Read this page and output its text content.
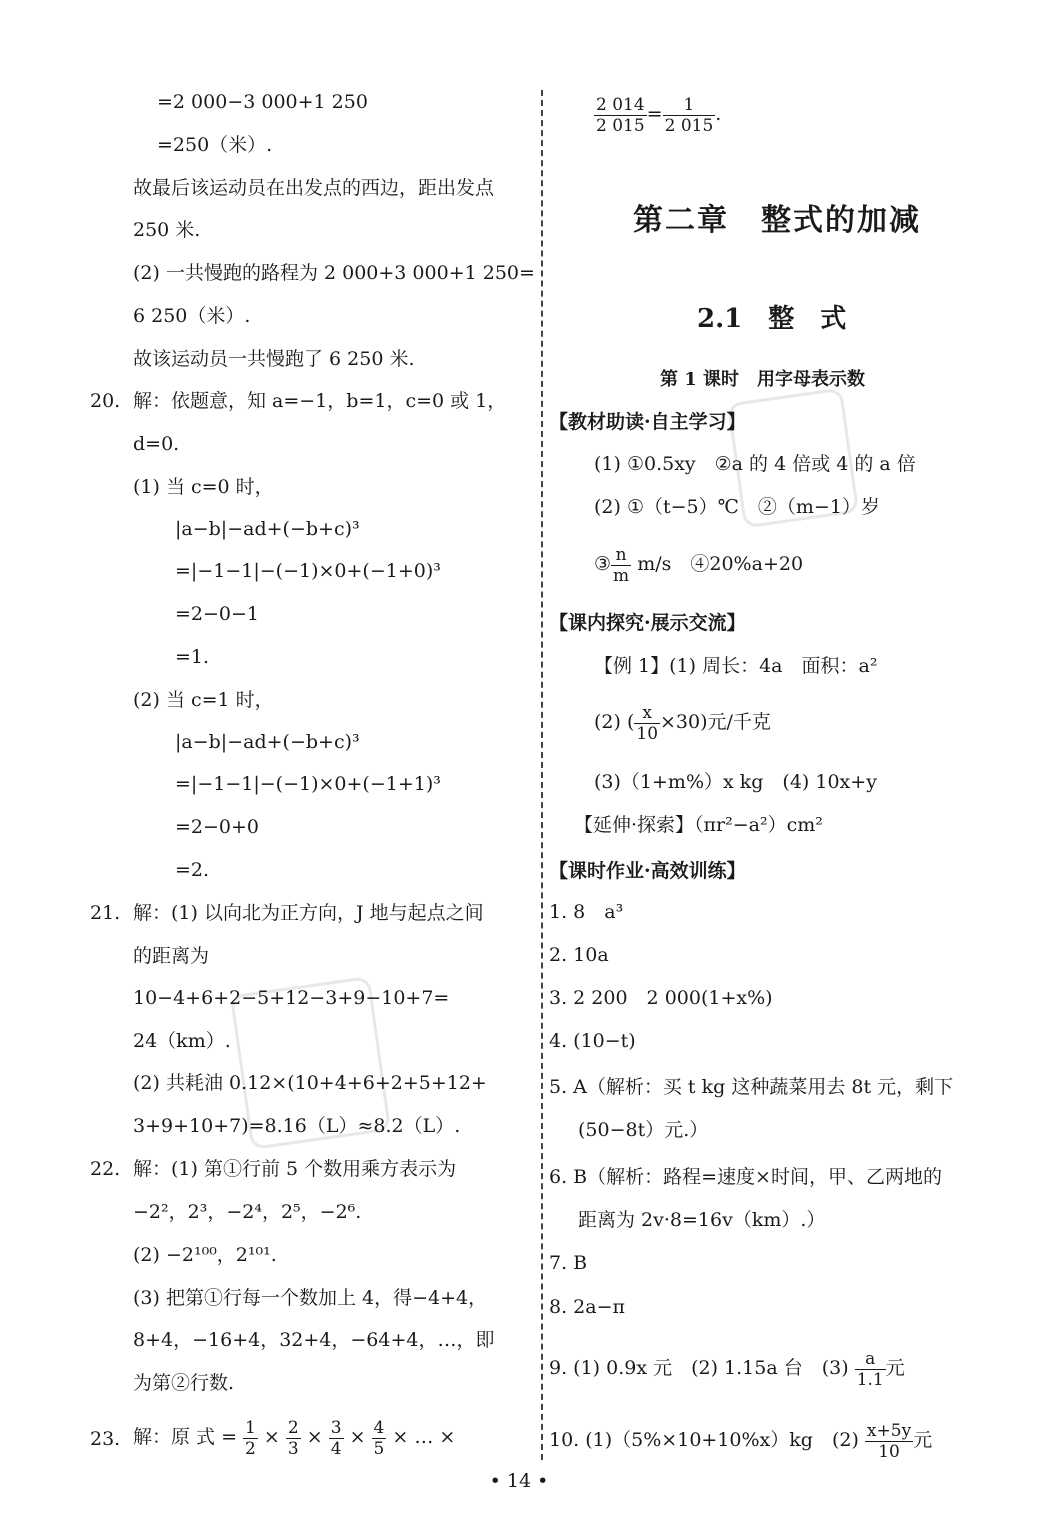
=2 000−3 000+1 250
=250（米）.
故最后该运动员在出发点的西边，距出发点
250 米.
(2) 一共慢跑的路程为 2 000+3 000+1 250=
6 250（米）.
故该运动员一共慢跑了 6 250 米.
20. 解：依题意，知 a=−1，b=1，c=0 或 1，
d=0.
(1) 当 c=0 时，
|a−b|−ad+(−b+c)³
=|−1−1|−(−1)×0+(−1+0)³
=2−0−1
=1.
(2) 当 c=1 时，
|a−b|−ad+(−b+c)³
=|−1−1|−(−1)×0+(−1+1)³
=2−0+0
=2.
21. 解：(1) 以向北为正方向，J 地与起点之间
的距离为
10−4+6+2−5+12−3+9−10+7=
24（km）.
(2) 共耗油 0.12×(10+4+6+2+5+12+
3+9+10+7)=8.16（L）≈8.2（L）.
22. 解：(1) 第①行前 5 个数用乘方表示为
−2²，2³，−2⁴，2⁵，−2⁶.
(2) −2¹⁰⁰，2¹⁰¹.
(3) 把第①行每一个数加上 4，得−4+4，
8+4，−16+4，32+4，−64+4，…，即
为第②行数.
23. 解：原 式 = $\frac{1}{2} \times \frac{2}{3} \times \frac{3}{4} \times \frac{4}{5}$ × … ×
$\frac{2 014}{2 015} = \frac{1}{2 015}$ .
第二章　整式的加减
2.1　整　式
第 1 课时　用字母表示数
【教材助读·自主学习】
(1) ①0.5xy　②a 的 4 倍或 4 的 a 倍
(2) ①（t−5）℃　②（m−1）岁
③ $\frac{n}{m} m/s$　④20%a+20
【课内探究·展示交流】
【例 1】(1) 周长：4a　面积：a²
(2) ( $\frac{x}{10} \times 30$)元/千克
(3)（1+m%）x kg　(4) 10x+y
【延伸·探索】（πr²−a²）cm²
【课时作业·高效训练】
1. 8　a³
2. 10a
3. 2 200　2 000(1+x%)
4. (10−t)
5. A（解析：买 t kg 这种蔬菜用去 8t 元，剩下
(50−8t）元.）
6. B（解析：路程=速度×时间，甲、乙两地的
距离为 2v·8=16v（km）.）
7. B
8. 2a−π
9. (1) 0.9x 元　(2) 1.15a 台　$(3) \frac{a}{1.1}$ 元
10. (1)（5%×10+10%x）kg　$(2) \frac{x+5y}{10}$ 元
• 14 •
